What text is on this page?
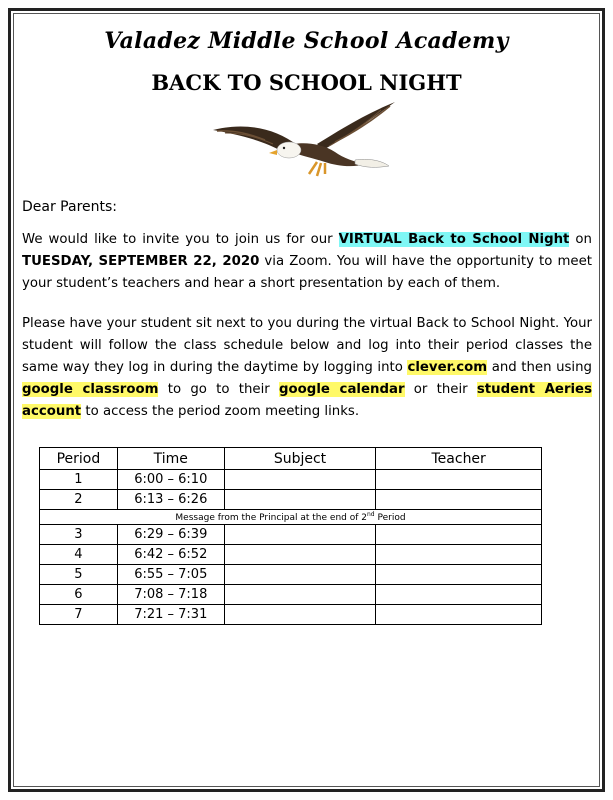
Valadez Middle School Academy
BACK TO SCHOOL NIGHT
Dear Parents:
We would like to invite you to join us for our VIRTUAL Back to School Night on TUESDAY, SEPTEMBER 22, 2020 via Zoom. You will have the opportunity to meet your student’s teachers and hear a short presentation by each of them.
Please have your student sit next to you during the virtual Back to School Night. Your student will follow the class schedule below and log into their period classes the same way they log in during the daytime by logging into clever.com and then using google classroom to go to their google calendar or their student Aeries account to access the period zoom meeting links.
Period	Time	Subject	Teacher
1	6:00 – 6:10		
2	6:13 – 6:26		
Message from the Principal at the end of 2nd Period			
3	6:29 – 6:39		
4	6:42 – 6:52		
5	6:55 – 7:05		
6	7:08 – 7:18		
7	7:21 – 7:31		
